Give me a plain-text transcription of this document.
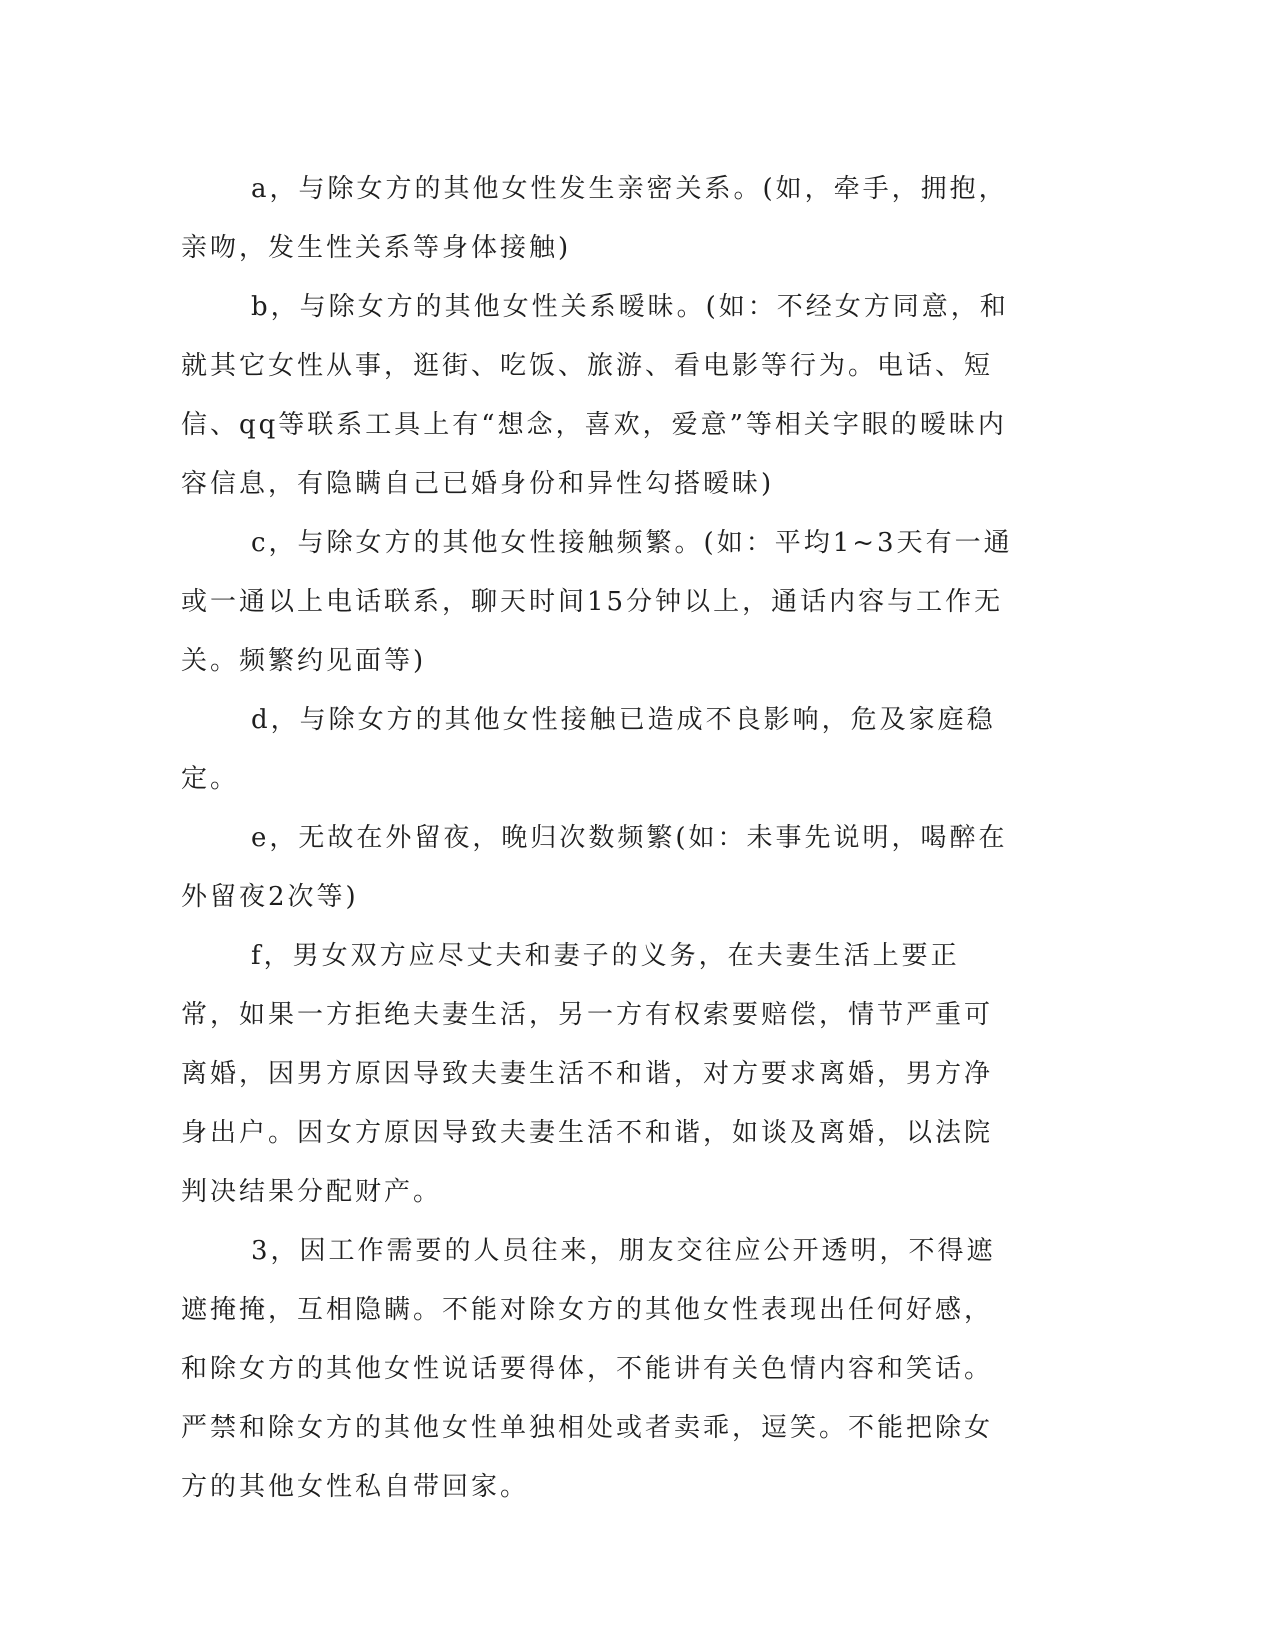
a，与除女方的其他女性发生亲密关系。(如，牵手，拥抱，亲吻，发生性关系等身体接触)

b，与除女方的其他女性关系暧昧。(如：不经女方同意，和就其它女性从事，逛街、吃饭、旅游、看电影等行为。电话、短信、qq等联系工具上有“想念，喜欢，爱意”等相关字眼的暧昧内容信息，有隐瞒自己已婚身份和异性勾搭暧昧)

c，与除女方的其他女性接触频繁。(如：平均1~3天有一通或一通以上电话联系，聊天时间15分钟以上，通话内容与工作无关。频繁约见面等)

d，与除女方的其他女性接触已造成不良影响，危及家庭稳定。

e，无故在外留夜，晚归次数频繁(如：未事先说明，喝醉在外留夜2次等)

f，男女双方应尽丈夫和妻子的义务，在夫妻生活上要正常，如果一方拒绝夫妻生活，另一方有权索要赔偿，情节严重可离婚，因男方原因导致夫妻生活不和谐，对方要求离婚，男方净身出户。因女方原因导致夫妻生活不和谐，如谈及离婚，以法院判决结果分配财产。

3，因工作需要的人员往来，朋友交往应公开透明，不得遮遮掩掩，互相隐瞒。不能对除女方的其他女性表现出任何好感，和除女方的其他女性说话要得体，不能讲有关色情内容和笑话。严禁和除女方的其他女性单独相处或者卖乖，逗笑。不能把除女方的其他女性私自带回家。
